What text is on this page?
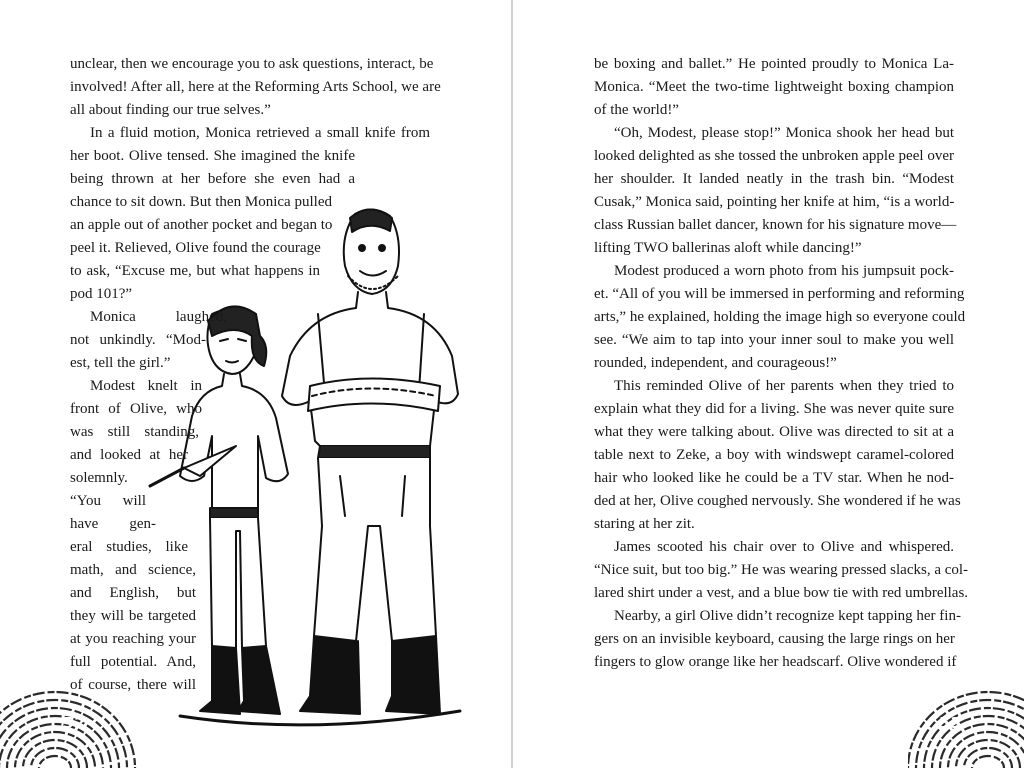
52
unclear, then we encourage you to ask questions, interact, be
involved! After all, here at the Reforming Arts School, we are
all about finding our true selves.”
In a fluid motion, Monica retrieved a small knife from
her boot. Olive tensed. She imagined the knife
being thrown at her before she even had a
chance to sit down. But then Monica pulled
an apple out of another pocket and began to
peel it. Relieved, Olive found the courage
to ask, “Excuse me, but what happens in
pod 101?”
Monica laughed,
not unkindly. “Mod-
est, tell the girl.”
Modest knelt in
front of Olive, who
was still standing,
and looked at her
solemnly.
“You will
have gen-
eral studies, like
math, and science,
and English, but
they will be targeted
at you reaching your
full potential. And,
of course, there will
53
be boxing and ballet.” He pointed proudly to Monica La-
Monica. “Meet the two-time lightweight boxing champion
of the world!”
“Oh, Modest, please stop!” Monica shook her head but
looked delighted as she tossed the unbroken apple peel over
her shoulder. It landed neatly in the trash bin. “Modest
Cusak,” Monica said, pointing her knife at him, “is a world-
class Russian ballet dancer, known for his signature move—
lifting TWO ballerinas aloft while dancing!”
Modest produced a worn photo from his jumpsuit pock-
et. “All of you will be immersed in performing and reforming
arts,” he explained, holding the image high so everyone could
see. “We aim to tap into your inner soul to make you well
rounded, independent, and courageous!”
This reminded Olive of her parents when they tried to
explain what they did for a living. She was never quite sure
what they were talking about. Olive was directed to sit at a
table next to Zeke, a boy with windswept caramel-colored
hair who looked like he could be a TV star. When he nod-
ded at her, Olive coughed nervously. She wondered if he was
staring at her zit.
James scooted his chair over to Olive and whispered.
“Nice suit, but too big.” He was wearing pressed slacks, a col-
lared shirt under a vest, and a blue bow tie with red umbrellas.
Nearby, a girl Olive didn’t recognize kept tapping her fin-
gers on an invisible keyboard, causing the large rings on her
fingers to glow orange like her headscarf. Olive wondered if
